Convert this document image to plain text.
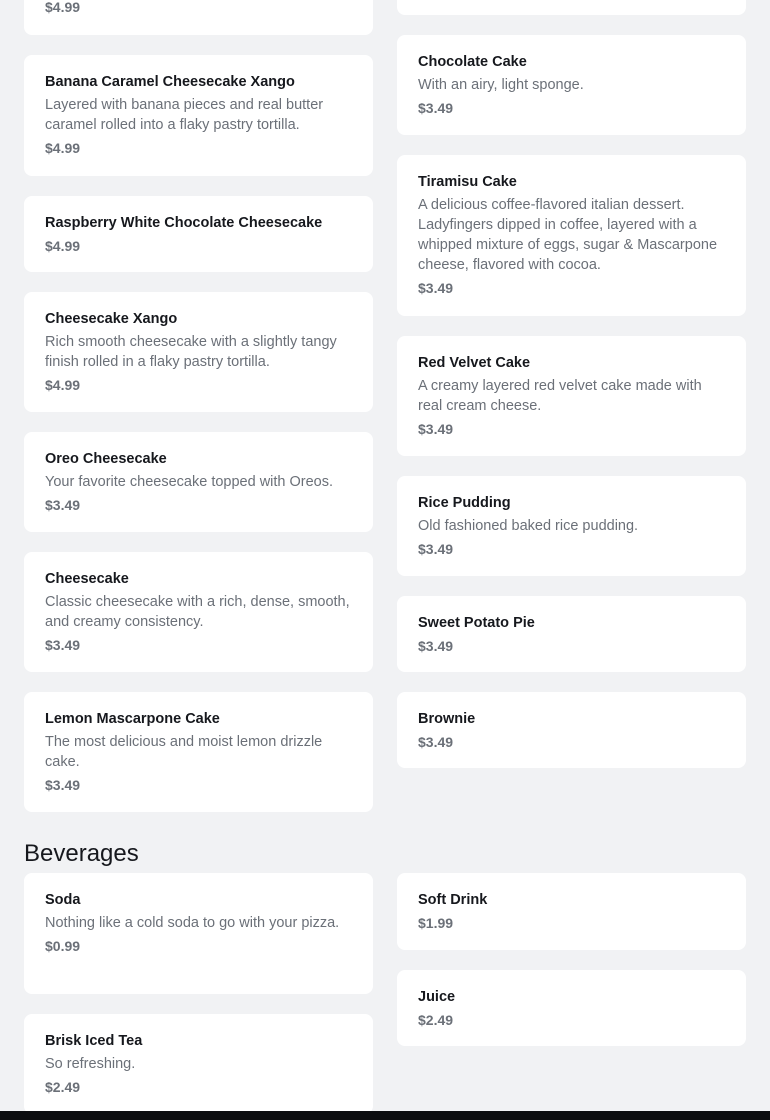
$4.99
Banana Caramel Cheesecake Xango
Layered with banana pieces and real butter caramel rolled into a flaky pastry tortilla.
$4.99
Raspberry White Chocolate Cheesecake
$4.99
Cheesecake Xango
Rich smooth cheesecake with a slightly tangy finish rolled in a flaky pastry tortilla.
$4.99
Oreo Cheesecake
Your favorite cheesecake topped with Oreos.
$3.49
Cheesecake
Classic cheesecake with a rich, dense, smooth, and creamy consistency.
$3.49
Lemon Mascarpone Cake
The most delicious and moist lemon drizzle cake.
$3.49
Chocolate Cake
With an airy, light sponge.
$3.49
Tiramisu Cake
A delicious coffee-flavored italian dessert. Ladyfingers dipped in coffee, layered with a whipped mixture of eggs, sugar & Mascarpone cheese, flavored with cocoa.
$3.49
Red Velvet Cake
A creamy layered red velvet cake made with real cream cheese.
$3.49
Rice Pudding
Old fashioned baked rice pudding.
$3.49
Sweet Potato Pie
$3.49
Brownie
$3.49
Beverages
Soda
Nothing like a cold soda to go with your pizza.
$0.99
Brisk Iced Tea
So refreshing.
$2.49
Soft Drink
$1.99
Juice
$2.49
